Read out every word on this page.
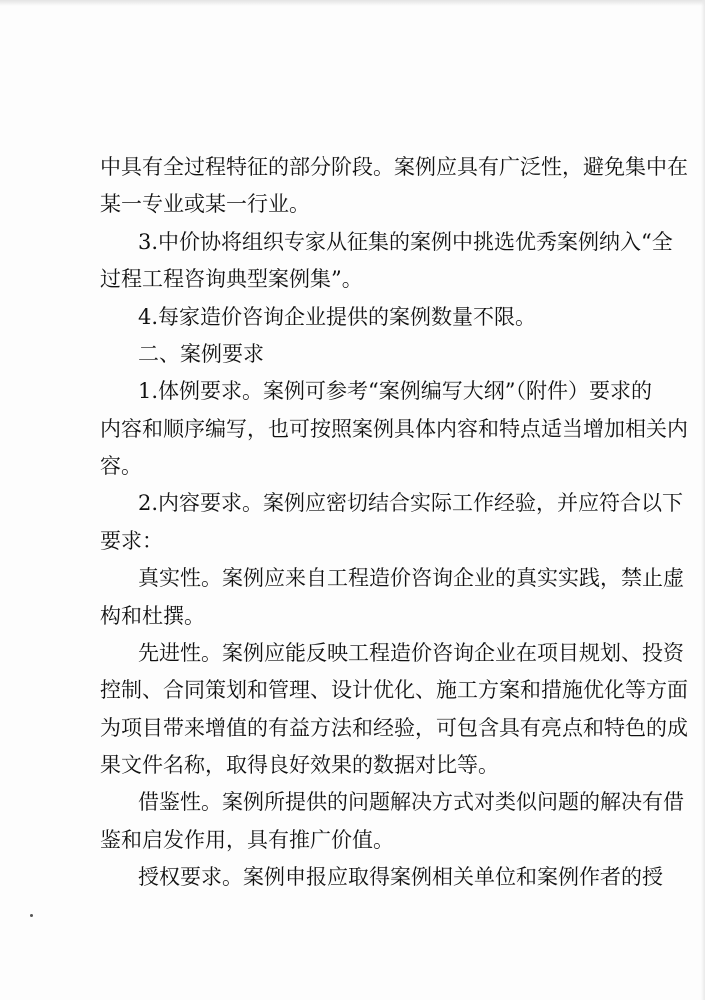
中具有全过程特征的部分阶段。案例应具有广泛性，避免集中在
某一专业或某一行业。
3.中价协将组织专家从征集的案例中挑选优秀案例纳入“全
过程工程咨询典型案例集”。
4.每家造价咨询企业提供的案例数量不限。
二、案例要求
1.体例要求。案例可参考“案例编写大纲”（附件）要求的
内容和顺序编写，也可按照案例具体内容和特点适当增加相关内
容。
2.内容要求。案例应密切结合实际工作经验，并应符合以下
要求：
真实性。案例应来自工程造价咨询企业的真实实践，禁止虚
构和杜撰。
先进性。案例应能反映工程造价咨询企业在项目规划、投资
控制、合同策划和管理、设计优化、施工方案和措施优化等方面
为项目带来增值的有益方法和经验，可包含具有亮点和特色的成
果文件名称，取得良好效果的数据对比等。
借鉴性。案例所提供的问题解决方式对类似问题的解决有借
鉴和启发作用，具有推广价值。
授权要求。案例申报应取得案例相关单位和案例作者的授
